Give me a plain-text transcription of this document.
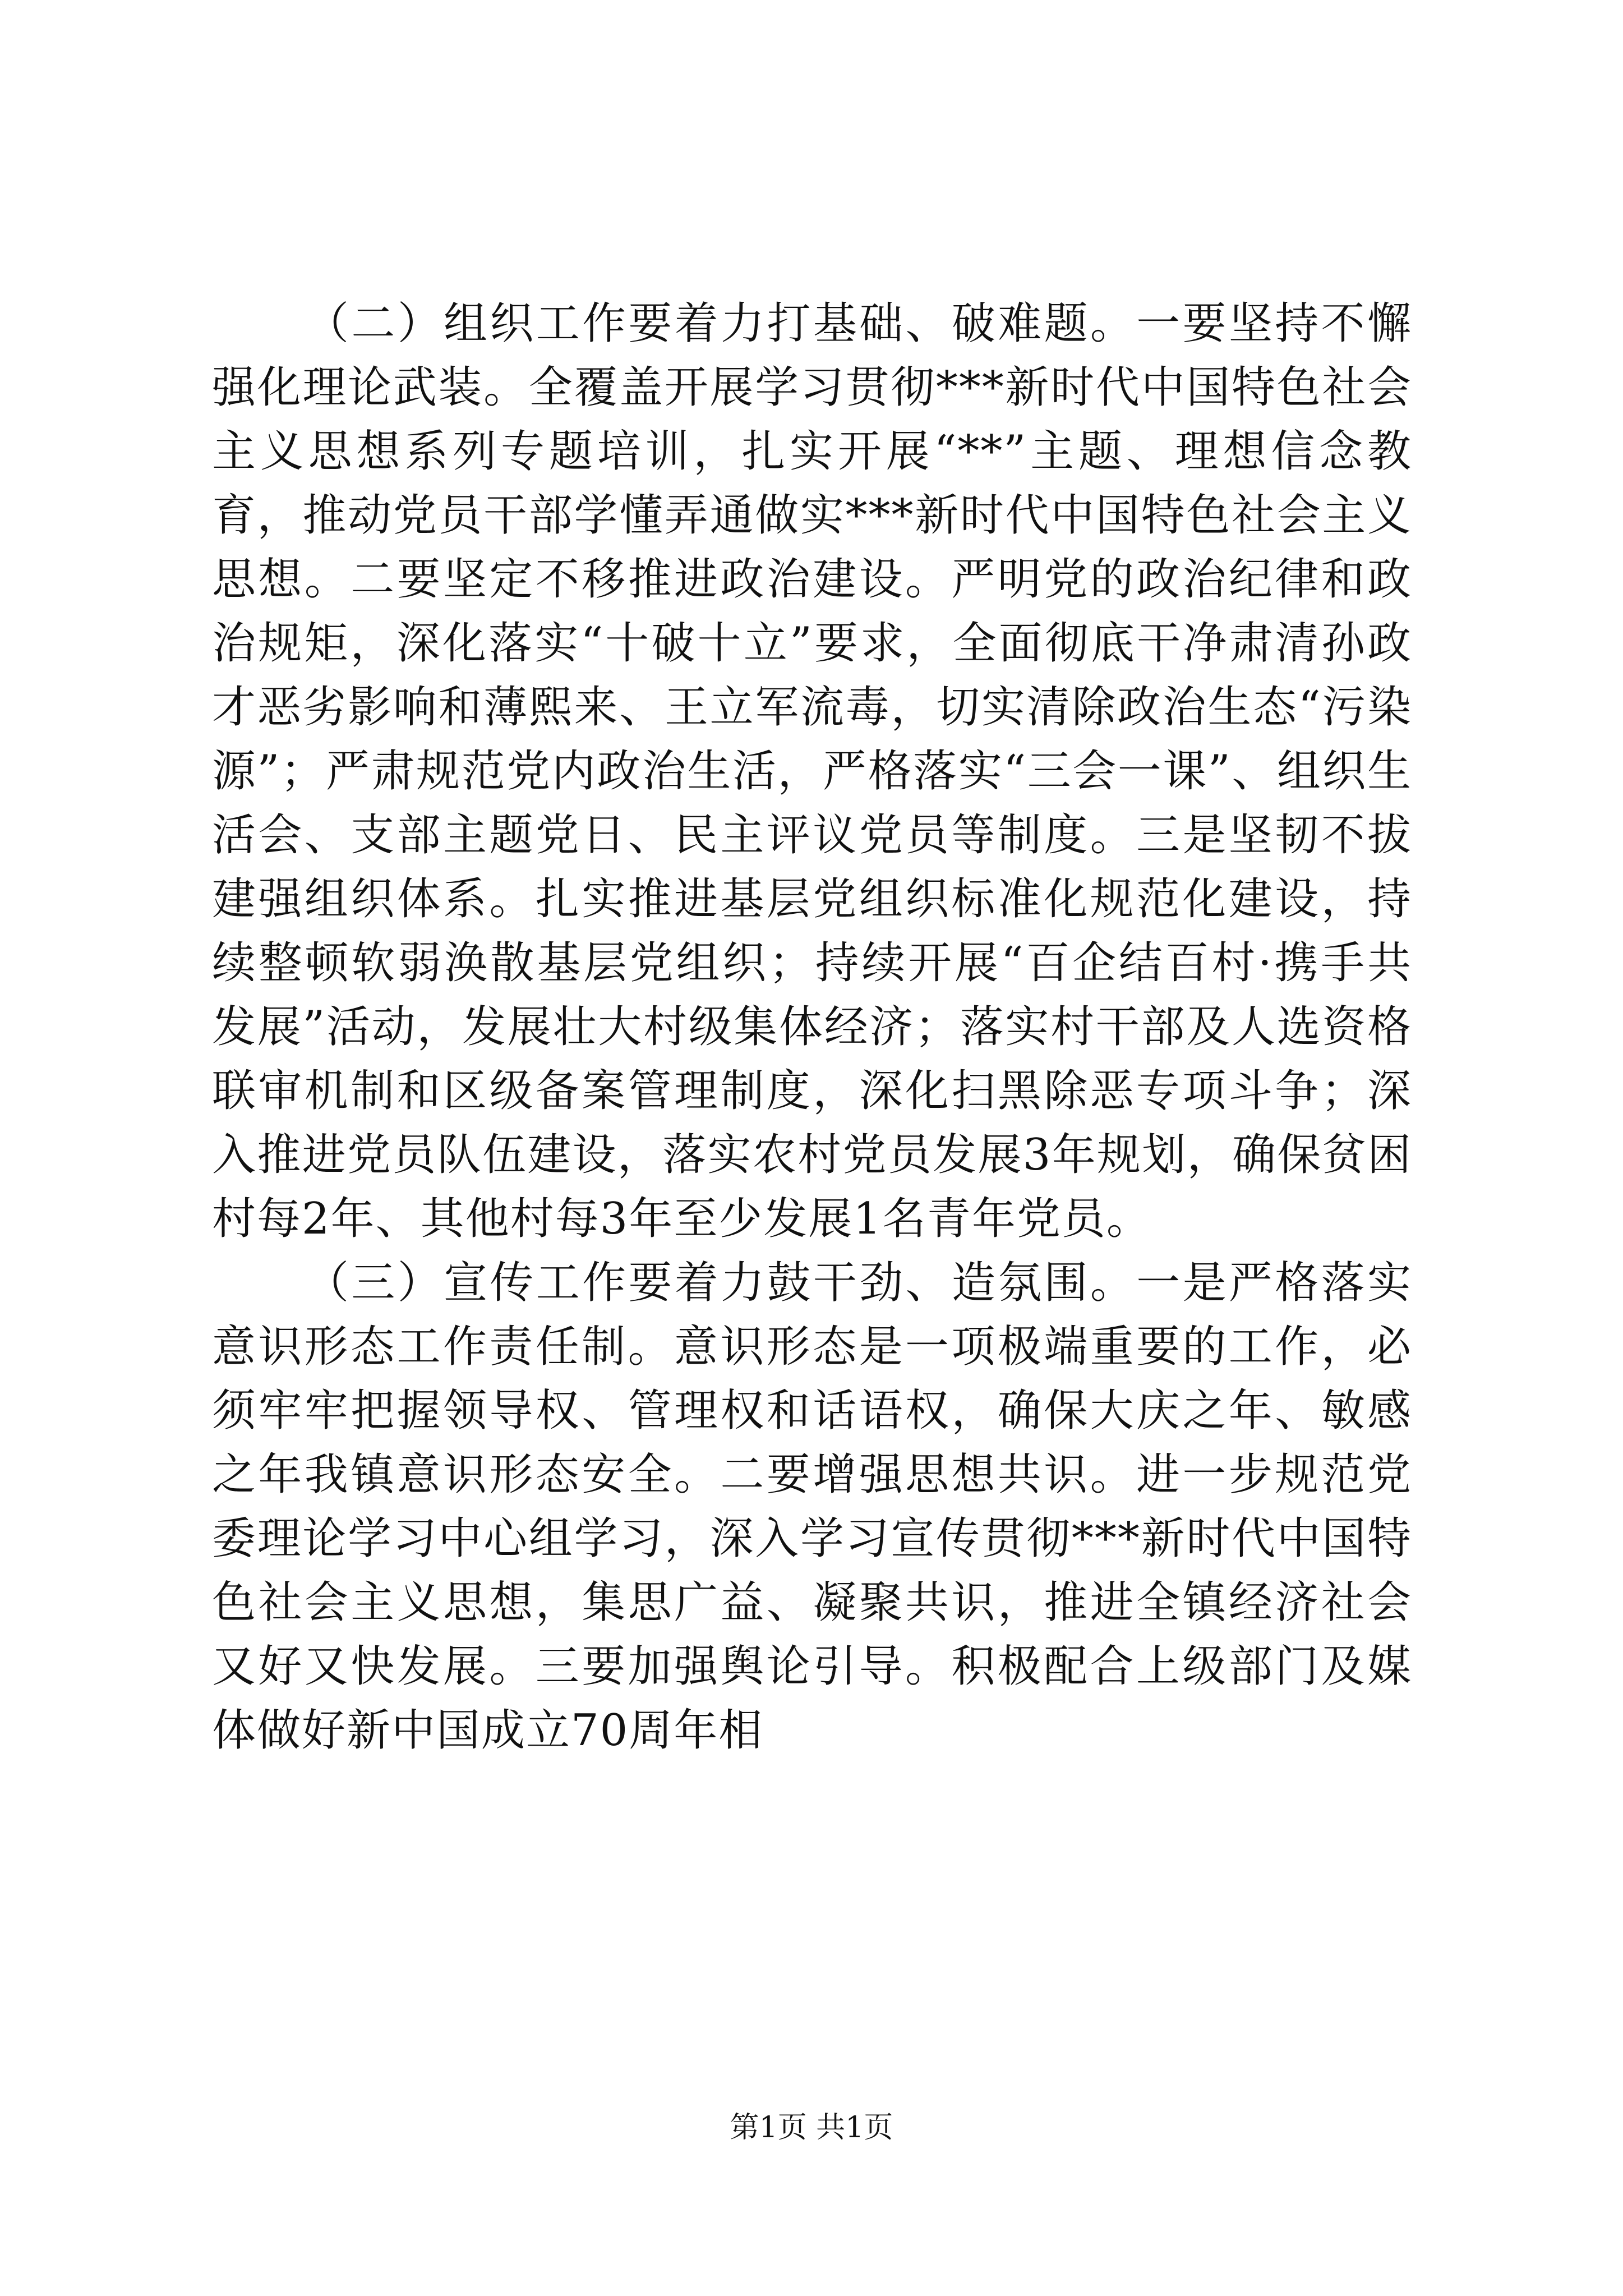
（二）组织工作要着力打基础、破难题。一要坚持不懈强化理论武装。全覆盖开展学习贯彻***新时代中国特色社会主义思想系列专题培训，扎实开展“**”主题、理想信念教育，推动党员干部学懂弄通做实***新时代中国特色社会主义思想。二要坚定不移推进政治建设。严明党的政治纪律和政治规矩，深化落实“十破十立”要求，全面彻底干净肃清孙政才恶劣影响和薄熙来、王立军流毒，切实清除政治生态“污染源”；严肃规范党内政治生活，严格落实“三会一课”、组织生活会、支部主题党日、民主评议党员等制度。三是坚韧不拔建强组织体系。扎实推进基层党组织标准化规范化建设，持续整顿软弱涣散基层党组织；持续开展“百企结百村·携手共发展”活动，发展壮大村级集体经济；落实村干部及人选资格联审机制和区级备案管理制度，深化扫黑除恶专项斗争；深入推进党员队伍建设，落实农村党员发展3年规划，确保贫困村每2年、其他村每3年至少发展1名青年党员。

（三）宣传工作要着力鼓干劲、造氛围。一是严格落实意识形态工作责任制。意识形态是一项极端重要的工作，必须牢牢把握领导权、管理权和话语权，确保大庆之年、敏感之年我镇意识形态安全。二要增强思想共识。进一步规范党委理论学习中心组学习，深入学习宣传贯彻***新时代中国特色社会主义思想，集思广益、凝聚共识，推进全镇经济社会又好又快发展。三要加强舆论引导。积极配合上级部门及媒体做好新中国成立70周年相

第1页 共1页
